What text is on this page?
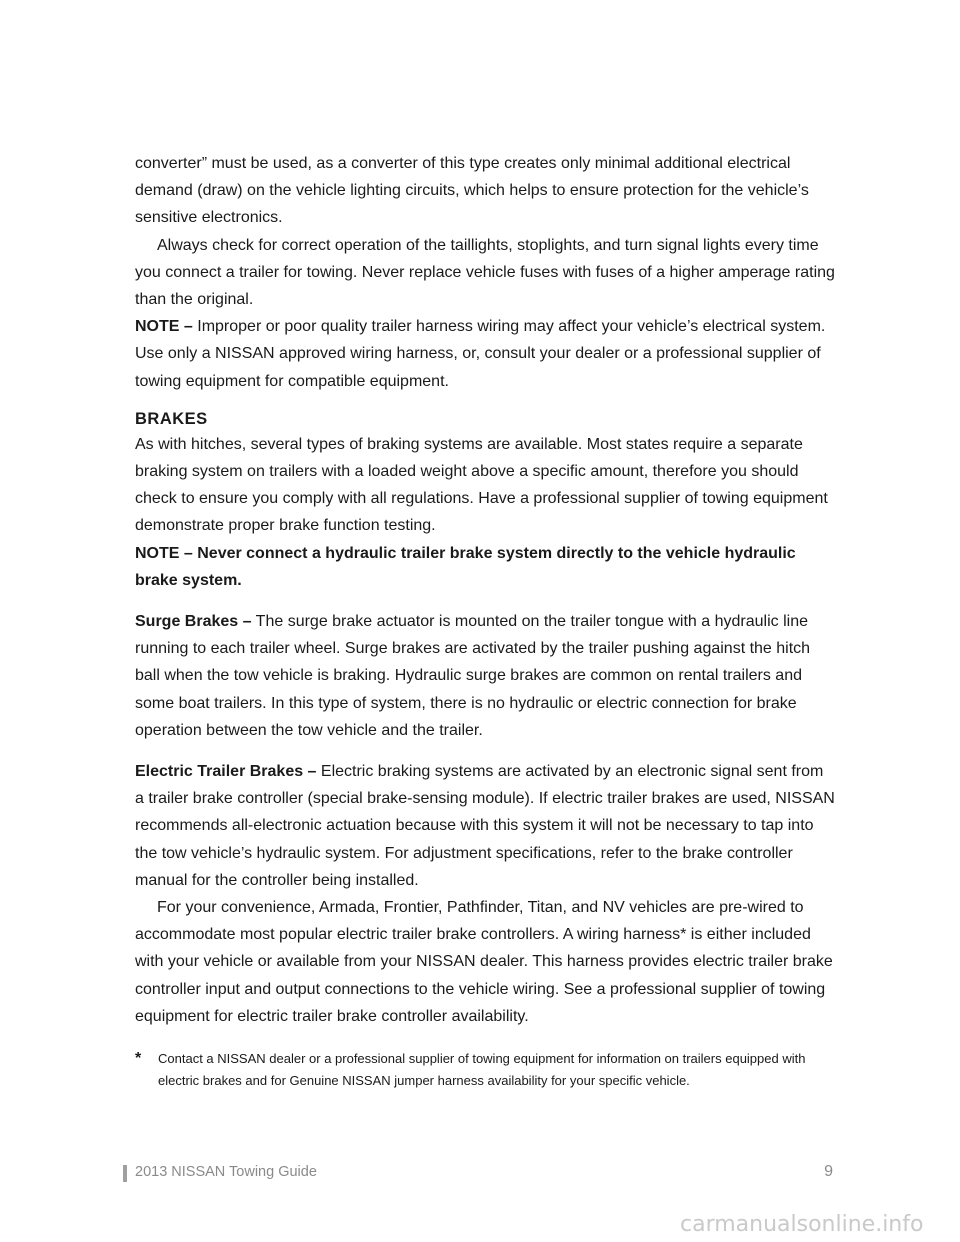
converter” must be used, as a converter of this type creates only minimal additional electrical demand (draw) on the vehicle lighting circuits, which helps to ensure protection for the vehicle’s sensitive electronics.

Always check for correct operation of the taillights, stoplights, and turn signal lights every time you connect a trailer for towing. Never replace vehicle fuses with fuses of a higher amperage rating than the original.

NOTE – Improper or poor quality trailer harness wiring may affect your vehicle’s electrical system. Use only a NISSAN approved wiring harness, or, consult your dealer or a professional supplier of towing equipment for compatible equipment.

BRAKES

As with hitches, several types of braking systems are available. Most states require a separate braking system on trailers with a loaded weight above a specific amount, therefore you should check to ensure you comply with all regulations. Have a professional supplier of towing equipment demonstrate proper brake function testing.

NOTE – Never connect a hydraulic trailer brake system directly to the vehicle hydraulic brake system.

Surge Brakes – The surge brake actuator is mounted on the trailer tongue with a hydraulic line running to each trailer wheel. Surge brakes are activated by the trailer pushing against the hitch ball when the tow vehicle is braking. Hydraulic surge brakes are common on rental trailers and some boat trailers. In this type of system, there is no hydraulic or electric connection for brake operation between the tow vehicle and the trailer.

Electric Trailer Brakes – Electric braking systems are activated by an electronic signal sent from a trailer brake controller (special brake-sensing module). If electric trailer brakes are used, NISSAN recommends all-electronic actuation because with this system it will not be necessary to tap into the tow vehicle’s hydraulic system. For adjustment specifications, refer to the brake controller manual for the controller being installed.

For your convenience, Armada, Frontier, Pathfinder, Titan, and NV vehicles are pre-wired to accommodate most popular electric trailer brake controllers. A wiring harness* is either included with your vehicle or available from your NISSAN dealer. This harness provides electric trailer brake controller input and output connections to the vehicle wiring. See a professional supplier of towing equipment for electric trailer brake controller availability.

*	Contact a NISSAN dealer or a professional supplier of towing equipment for information on trailers equipped with electric brakes and for Genuine NISSAN jumper harness availability for your specific vehicle.
2013 NISSAN Towing Guide	9
carmanualsonline.info
